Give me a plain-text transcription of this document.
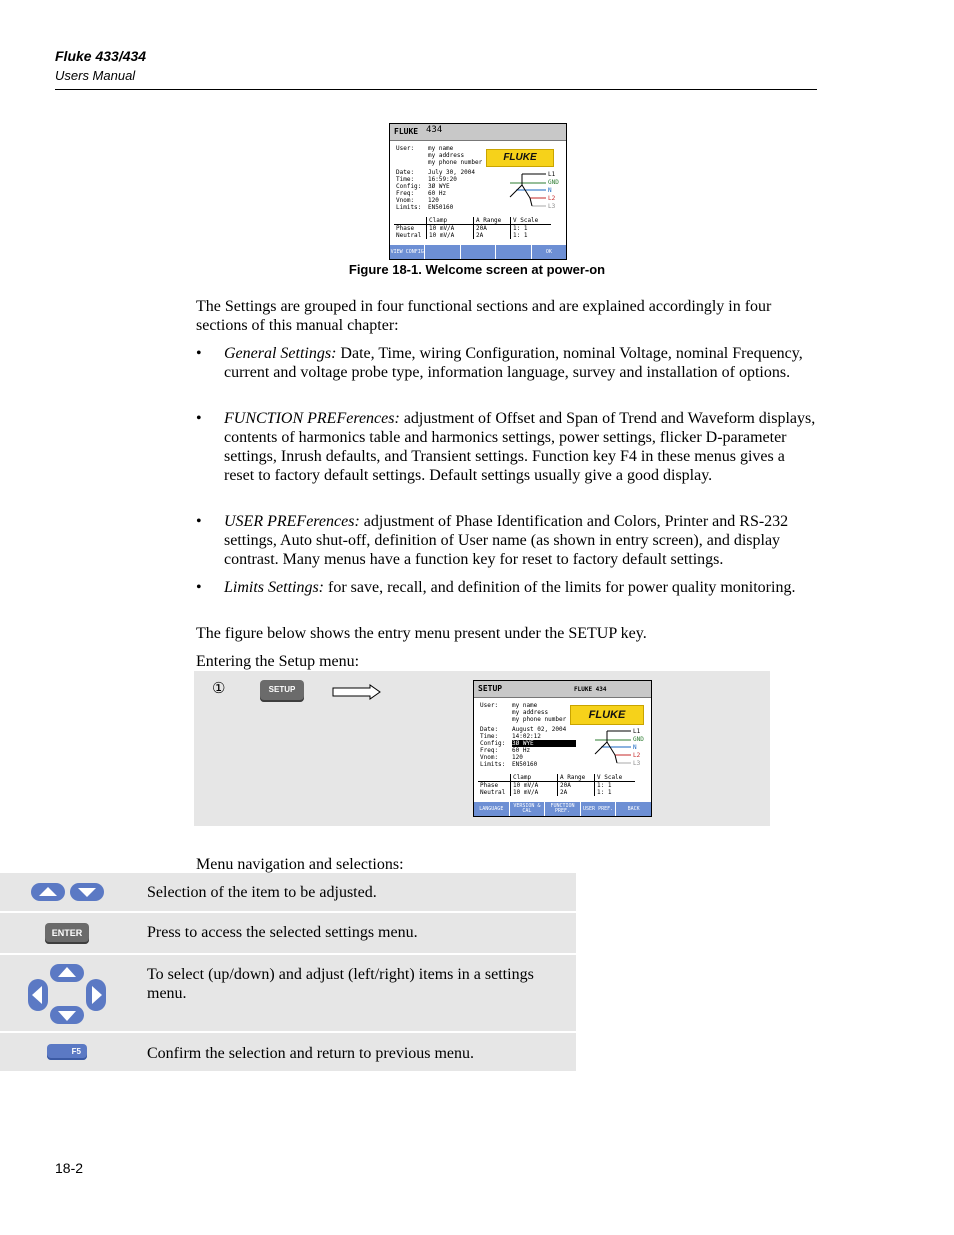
Fluke 433/434
Users Manual
FLUKE 434
User: my name
my address
my phone number	FLUKE
Date: July 30, 2004
Time: 16:59:20
Config: 3Ø WYE
Freq: 60 Hz
Vnom: 120
Limits: EN50160
L1
GND
N
L2
L3
	Clamp	A Range	V Scale
Phase	10 mV/A	20A	1: 1
Neutral	10 mV/A	2A	1: 1
VIEW CONFIG	OK
Figure 18-1. Welcome screen at power-on
The Settings are grouped in four functional sections and are explained accordingly in four sections of this manual chapter:
• General Settings: Date, Time, wiring Configuration, nominal Voltage, nominal Frequency, current and voltage probe type, information language, survey and installation of options.
• FUNCTION PREFerences: adjustment of Offset and Span of Trend and Waveform displays, contents of harmonics table and harmonics settings, power settings, flicker D-parameter settings, Inrush defaults, and Transient settings. Function key F4 in these menus gives a reset to factory default settings. Default settings usually give a good display.
• USER PREFerences: adjustment of Phase Identification and Colors, Printer and RS-232 settings, Auto shut-off, definition of User name (as shown in entry screen), and display contrast. Many menus have a function key for reset to factory default settings.
• Limits Settings: for save, recall, and definition of the limits for power quality monitoring.
The figure below shows the entry menu present under the SETUP key.
Entering the Setup menu:
①	SETUP	SETUP	FLUKE 434
User: my name
my address
my phone number	FLUKE
Date: August 02, 2004
Time: 14:02:12
Config: 3Ø WYE
Freq: 60 Hz
Vnom: 120
Limits: EN50160
L1
GND
N
L2
L3
	Clamp	A Range	V Scale
Phase	10 mV/A	20A	1: 1
Neutral	10 mV/A	2A	1: 1
LANGUAGE	VERSION & CAL
FUNCTION PREF.	USER PREF.	BACK
Menu navigation and selections:
Selection of the item to be adjusted.
ENTER	Press to access the selected settings menu.
To select (up/down) and adjust (left/right) items in a settings menu.
F5	Confirm the selection and return to previous menu.
18-2
